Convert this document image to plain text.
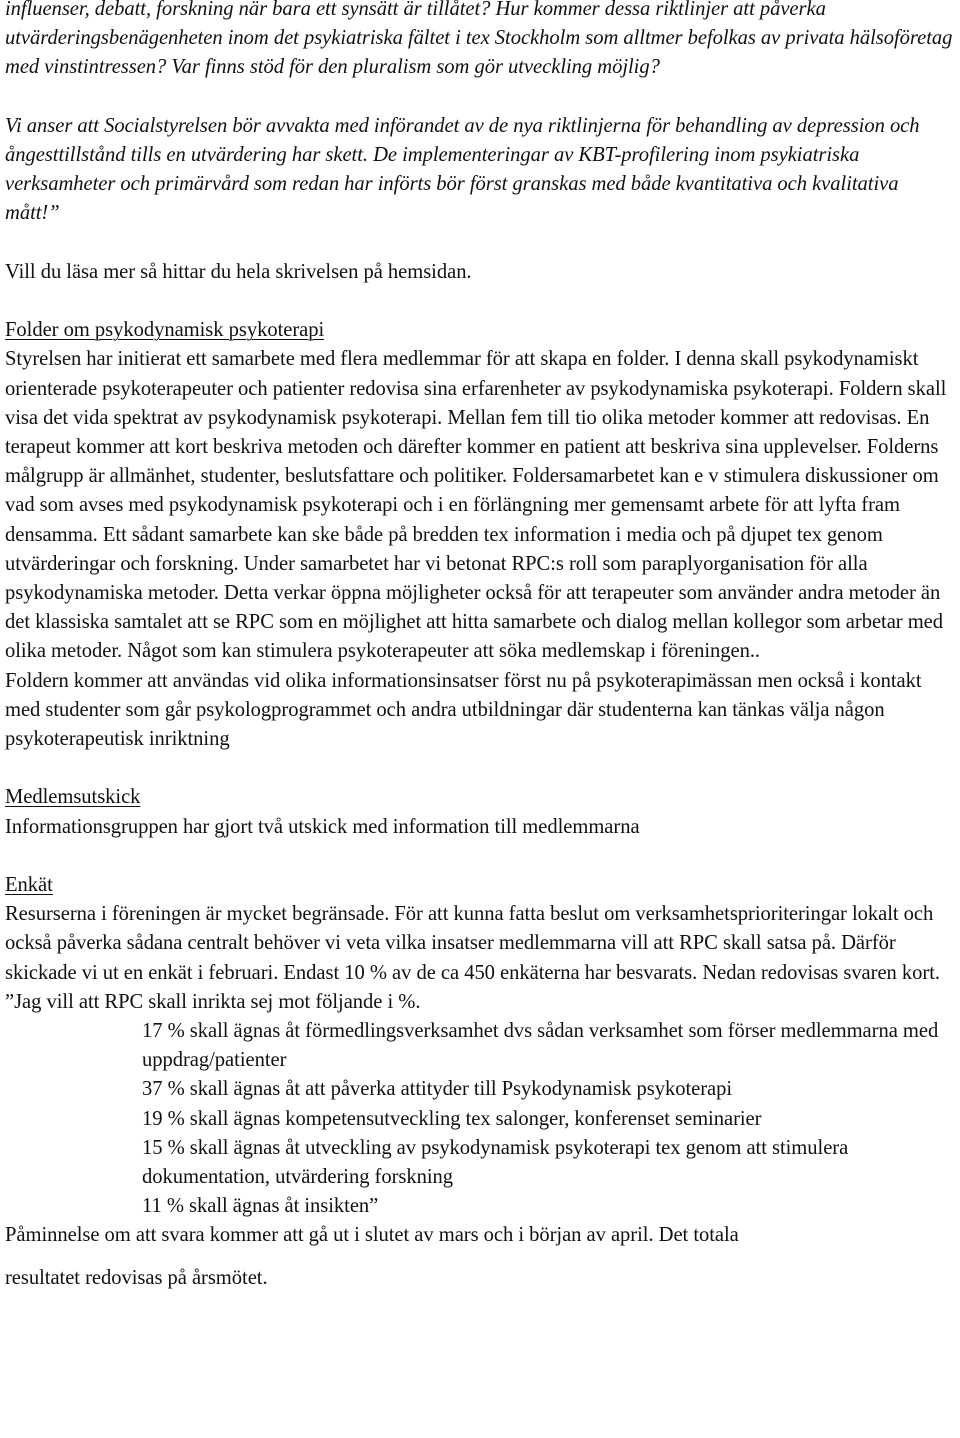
influenser, debatt, forskning när bara ett synsätt är tillåtet? Hur kommer dessa riktlinjer att påverka utvärderingsbenägenheten inom det psykiatriska fältet i tex Stockholm som alltmer befolkas av privata hälsoföretag med vinstintressen? Var finns stöd för den pluralism som gör utveckling möjlig?

Vi anser att Socialstyrelsen bör avvakta med införandet av de nya riktlinjerna för behandling av depression och ångesttillstånd tills en utvärdering har skett. De implementeringar av KBT-profilering inom psykiatriska verksamheter och primärvård som redan har införts bör först granskas med både kvantitativa och kvalitativa mått!”

Vill du läsa mer så hittar du hela skrivelsen på hemsidan.

Folder om psykodynamisk psykoterapi

Styrelsen har initierat ett samarbete med flera medlemmar för att skapa en folder. I denna skall psykodynamiskt orienterade psykoterapeuter och patienter redovisa sina erfarenheter av psykodynamiska psykoterapi. Foldern skall visa det vida spektrat av psykodynamisk psykoterapi. Mellan fem till tio olika metoder kommer att redovisas. En terapeut kommer att kort beskriva metoden och därefter kommer en patient att beskriva sina upplevelser. Folderns målgrupp är allmänhet, studenter, beslutsfattare och politiker. Foldersamarbetet kan e v stimulera diskussioner om vad som avses med psykodynamisk psykoterapi och i en förlängning mer gemensamt arbete för att lyfta fram densamma. Ett sådant samarbete kan ske både på bredden tex information i media och på djupet tex genom utvärderingar och forskning. Under samarbetet har vi betonat RPC:s roll som paraplyorganisation för alla psykodynamiska metoder. Detta verkar öppna möjligheter också för att terapeuter som använder andra metoder än det klassiska samtalet att se RPC som en möjlighet att hitta samarbete och dialog mellan kollegor som arbetar med olika metoder. Något som kan stimulera psykoterapeuter att söka medlemskap i föreningen..

Foldern kommer att användas vid olika informationsinsatser först nu på psykoterapimässan men också i kontakt med studenter som går psykologprogrammet och andra utbildningar där studenterna kan tänkas välja någon psykoterapeutisk inriktning

Medlemsutskick

Informationsgruppen har gjort två utskick med information till medlemmarna

Enkät

Resurserna i föreningen är mycket begränsade. För att kunna fatta beslut om verksamhetsprioriteringar lokalt och också påverka sådana centralt behöver vi veta vilka insatser medlemmarna vill att RPC skall satsa på. Därför skickade vi ut en enkät i februari. Endast 10 % av de ca 450 enkäterna har besvarats. Nedan redovisas svaren kort.

”Jag vill att RPC skall inrikta sej mot följande i %.

17 % skall ägnas åt förmedlingsverksamhet dvs sådan verksamhet som förser medlemmarna med uppdrag/patienter

37 % skall ägnas åt att påverka attityder till Psykodynamisk psykoterapi

19 % skall ägnas kompetensutveckling tex salonger, konferenset seminarier

15 % skall ägnas åt utveckling av psykodynamisk psykoterapi tex genom att stimulera dokumentation, utvärdering forskning

11 % skall ägnas åt insikten”

Påminnelse om att svara kommer att gå ut i slutet av mars och i början av april. Det totala

resultatet redovisas på årsmötet.
